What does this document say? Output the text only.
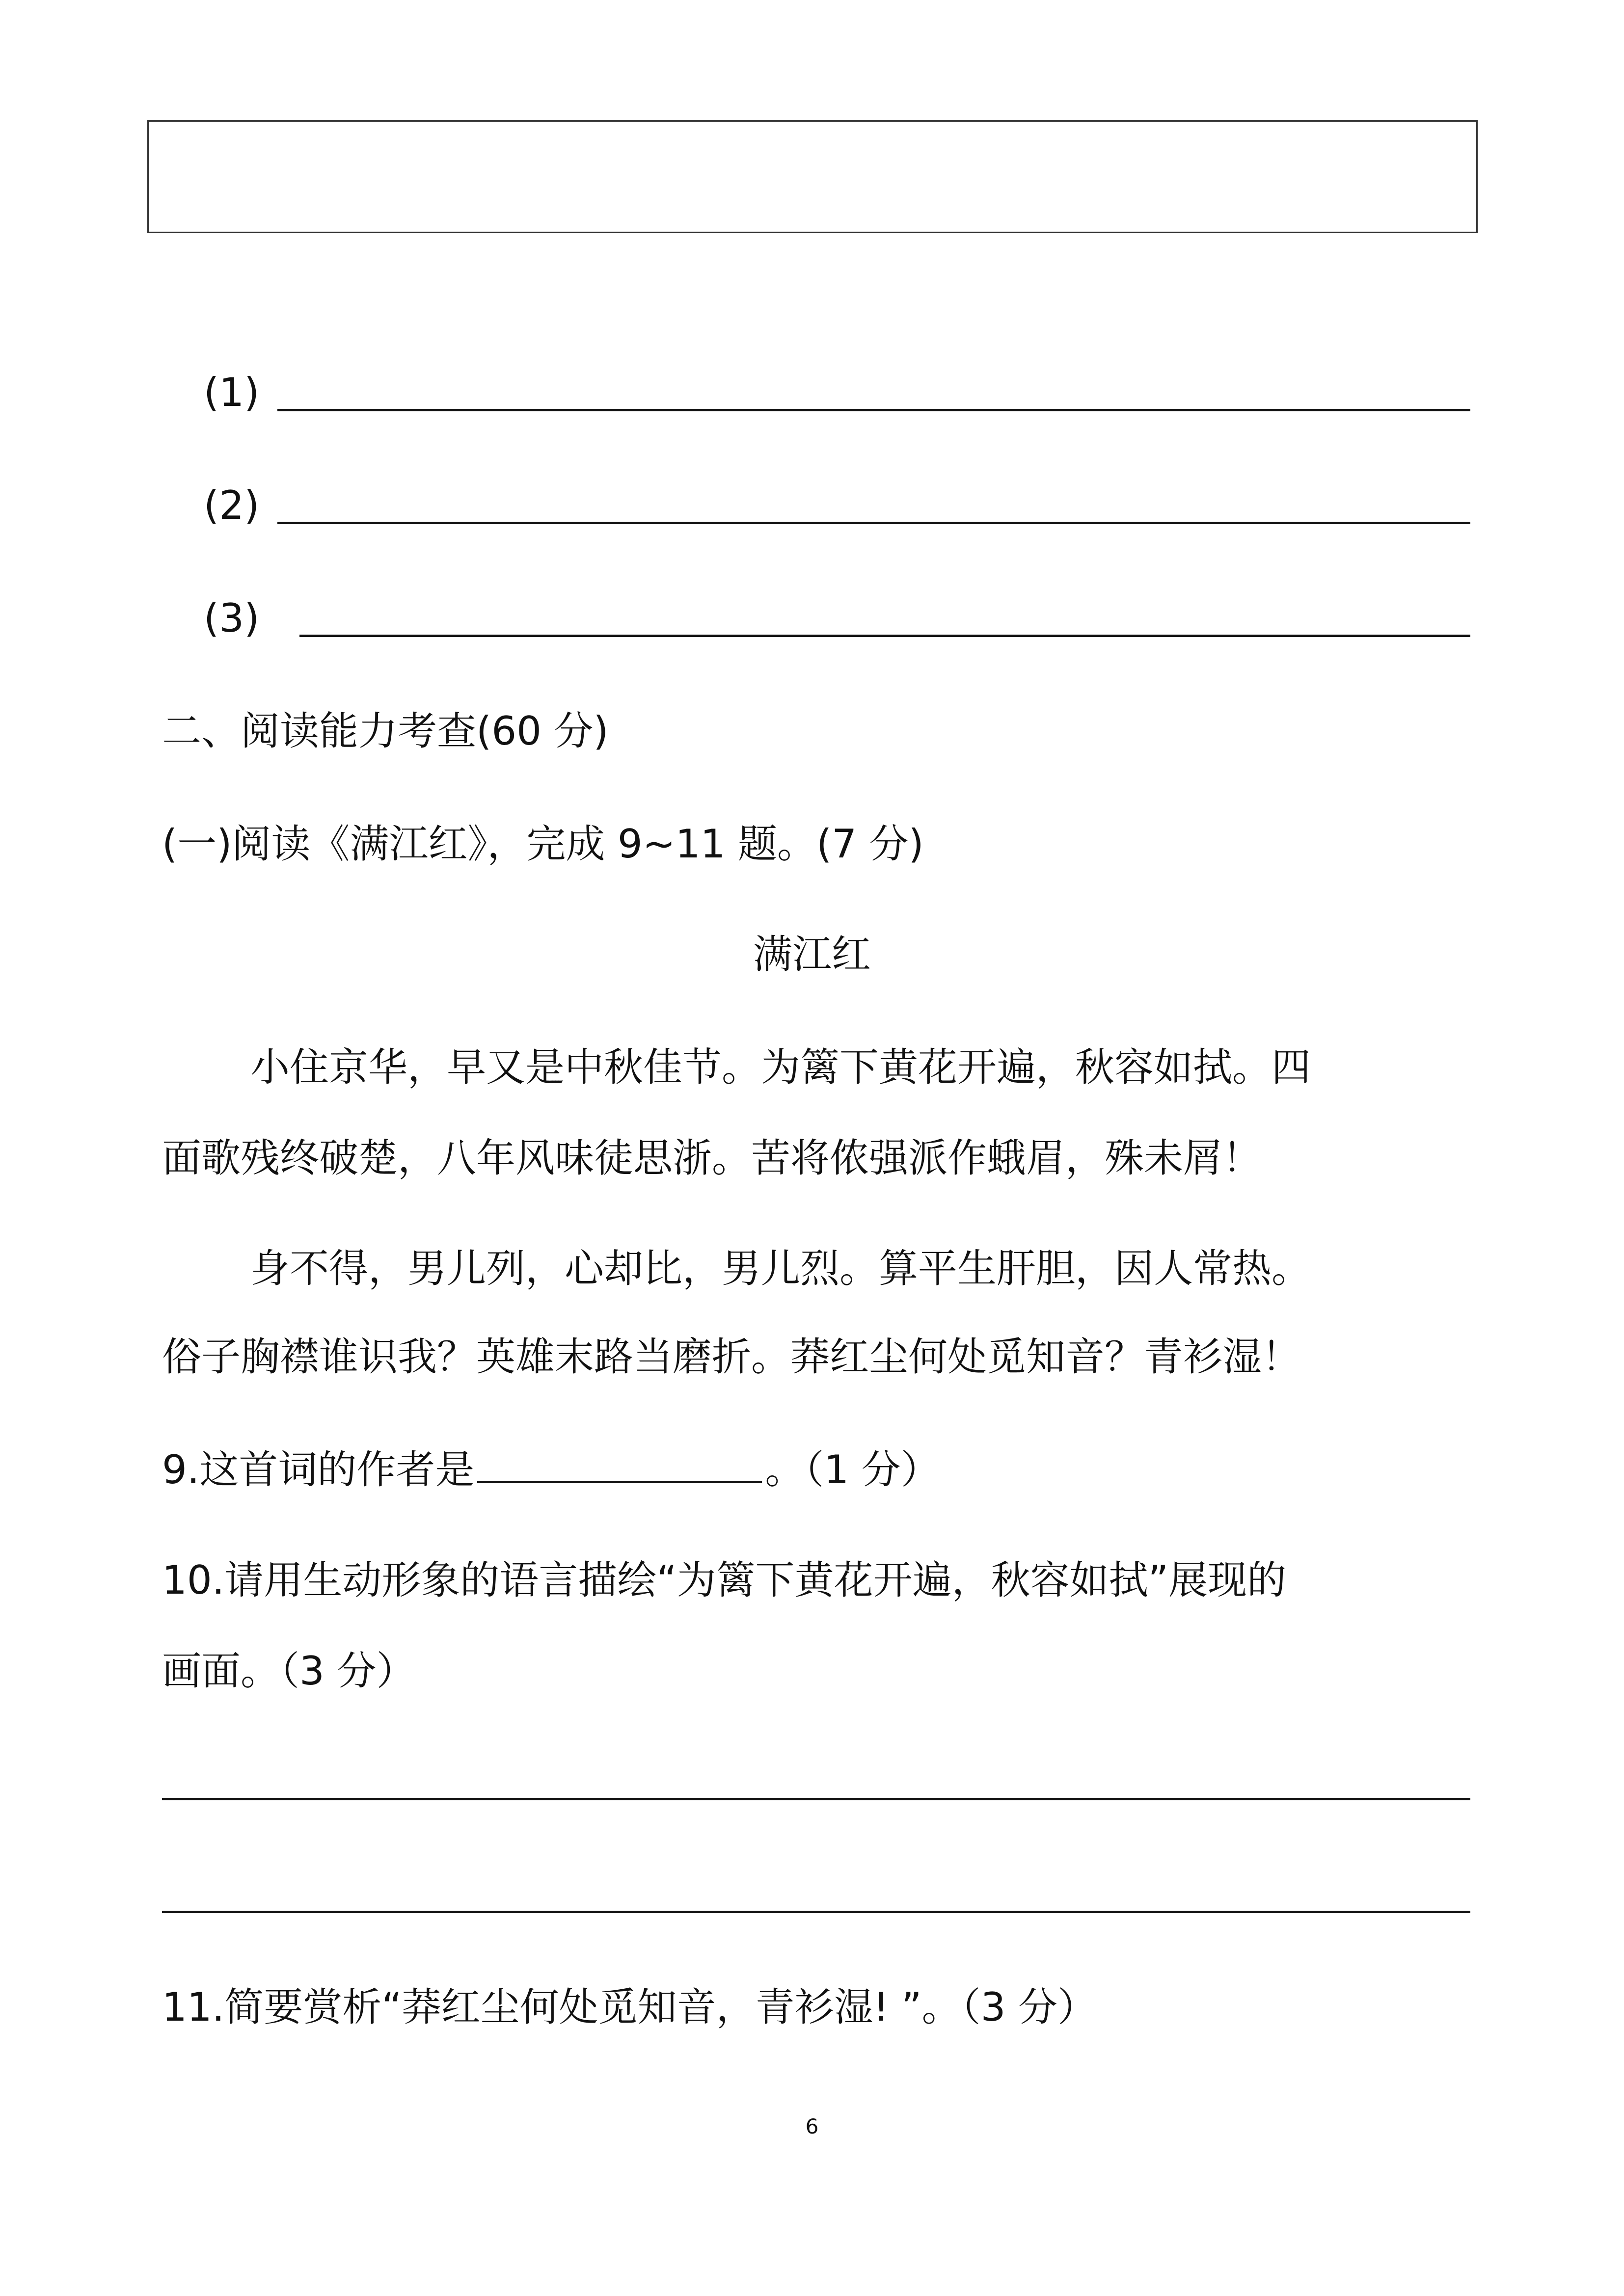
(1)
(2)
(3)
二、阅读能力考查(60 分)
(一)阅读《满江红》，完成 9~11 题。(7 分)
满江红
小住京华，早又是中秋佳节。为篱下黄花开遍，秋容如拭。四
面歌残终破楚，八年风味徒思浙。苦将侬强派作蛾眉，殊未屑！
身不得，男儿列，心却比，男儿烈。算平生肝胆，因人常热。
俗子胸襟谁识我？英雄末路当磨折。莽红尘何处觅知音？青衫湿！
9.这首词的作者是	。（1 分）
10.请用生动形象的语言描绘“为篱下黄花开遍，秋容如拭”展现的
画面。（3 分）
11.简要赏析“莽红尘何处觅知音，青衫湿! ”。（3 分）
6
